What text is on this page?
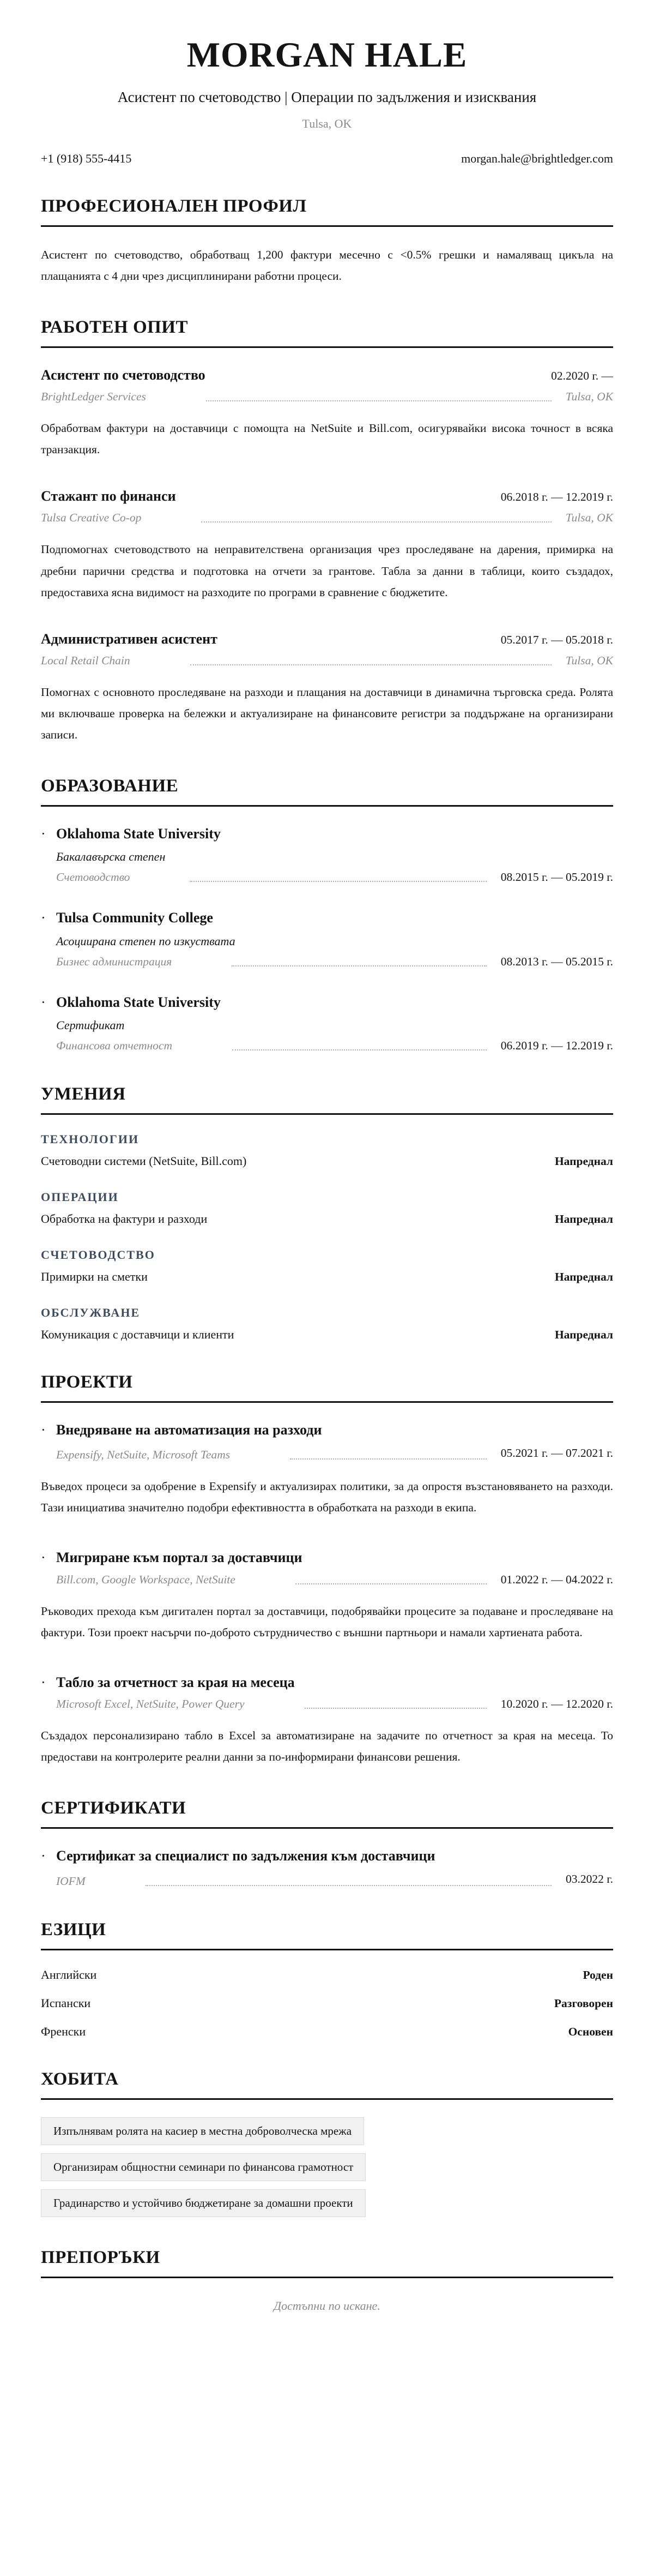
MORGAN HALE
Асистент по счетоводство | Операции по задължения и изисквания
Tulsa, OK
+1 (918) 555-4415	morgan.hale@brightledger.com
ПРОФЕСИОНАЛЕН ПРОФИЛ

Асистент по счетоводство, обработващ 1,200 фактури месечно с <0.5% грешки и намаляващ цикъла на плащанията с 4 дни чрез дисциплинирани работни процеси.

РАБОТЕН ОПИТ
Асистент по счетоводство	02.2020 г. —
BrightLedger Services	Tulsa, OK

Обработвам фактури на доставчици с помощта на NetSuite и Bill.com, осигурявайки висока точност в всяка транзакция.

Стажант по финанси	06.2018 г. — 12.2019 г.
Tulsa Creative Co-op	Tulsa, OK

Подпомогнах счетоводството на неправителствена организация чрез проследяване на дарения, примирка на дребни парични средства и подготовка на отчети за грантове. Табла за данни в таблици, които създадох, предоставиха ясна видимост на разходите по програми в сравнение с бюджетите.

Административен асистент	05.2017 г. — 05.2018 г.
Local Retail Chain	Tulsa, OK

Помогнах с основното проследяване на разходи и плащания на доставчици в динамична търговска среда. Ролята ми включваше проверка на бележки и актуализиране на финансовите регистри за поддържане на организирани записи.

ОБРАЗОВАНИЕ
· Oklahoma State University
Бакалавърска степен
Счетоводство	08.2015 г. — 05.2019 г.
· Tulsa Community College
Асоциирана степен по изкуствата
Бизнес администрация	08.2013 г. — 05.2015 г.
· Oklahoma State University
Сертификат
Финансова отчетност	06.2019 г. — 12.2019 г.
УМЕНИЯ
ТЕХНОЛОГИИ
Счетоводни системи (NetSuite, Bill.com)	Напреднал
ОПЕРАЦИИ
Обработка на фактури и разходи	Напреднал
СЧЕТОВОДСТВО
Примирки на сметки	Напреднал
ОБСЛУЖВАНЕ
Комуникация с доставчици и клиенти	Напреднал
ПРОЕКТИ
· Внедряване на автоматизация на разходи
Expensify, NetSuite, Microsoft Teams	05.2021 г. — 07.2021 г.

Въведох процеси за одобрение в Expensify и актуализирах политики, за да опростя възстановяването на разходи. Тази инициатива значително подобри ефективността в обработката на разходи в екипа.

· Мигриране към портал за доставчици
Bill.com, Google Workspace, NetSuite	01.2022 г. — 04.2022 г.

Ръководих прехода към дигитален портал за доставчици, подобрявайки процесите за подаване и проследяване на фактури. Този проект насърчи по-доброто сътрудничество с външни партньори и намали хартиената работа.

· Табло за отчетност за края на месеца
Microsoft Excel, NetSuite, Power Query	10.2020 г. — 12.2020 г.

Създадох персонализирано табло в Excel за автоматизиране на задачите по отчетност за края на месеца. То предостави на контролерите реални данни за по-информирани финансови решения.

СЕРТИФИКАТИ
· Сертификат за специалист по задължения към доставчици
IOFM	03.2022 г.
ЕЗИЦИ
Английски	Роден
Испански	Разговорен
Френски	Основен
ХОБИТА
Изпълнявам ролята на касиер в местна доброволческа мрежа
Организирам общностни семинари по финансова грамотност
Градинарство и устойчиво бюджетиране за домашни проекти
ПРЕПОРЪКИ
Достъпни по искане.
